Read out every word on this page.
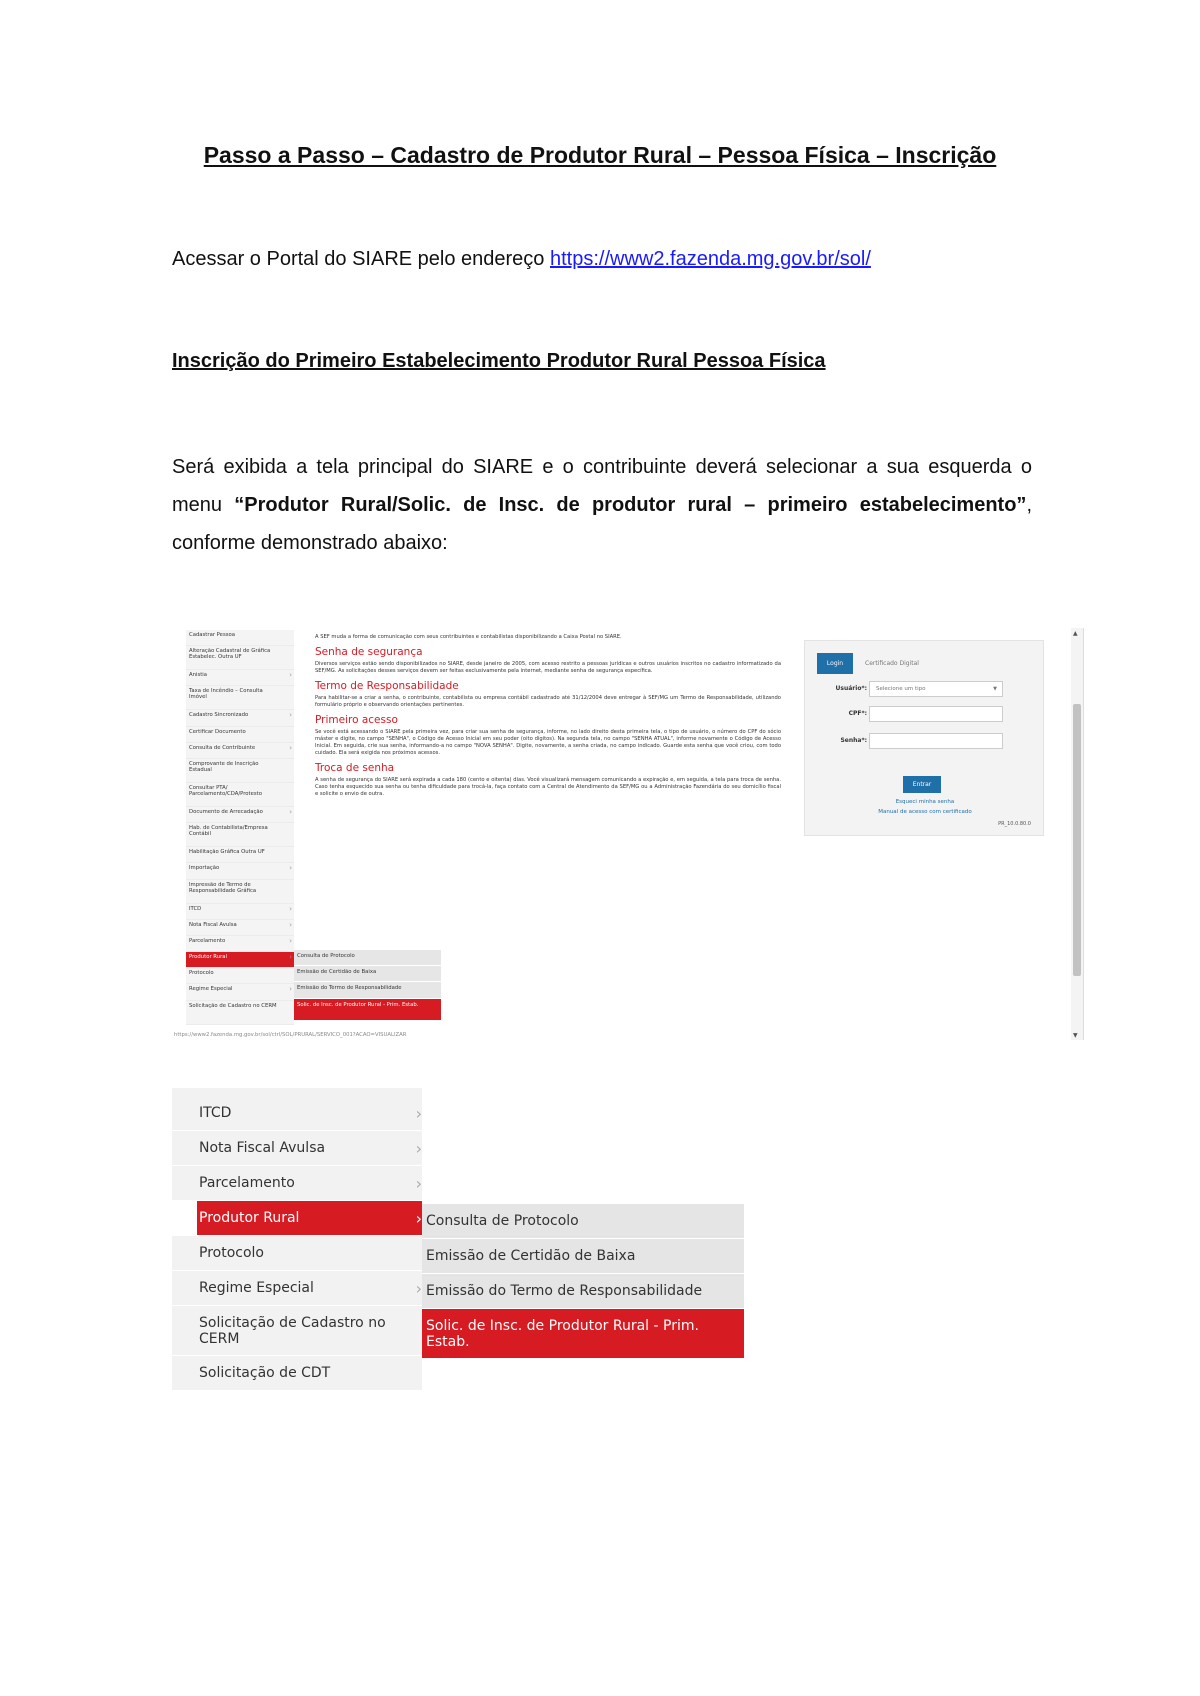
Passo a Passo – Cadastro de Produtor Rural – Pessoa Física – Inscrição
Acessar o Portal do SIARE pelo endereço https://www2.fazenda.mg.gov.br/sol/
Inscrição do Primeiro Estabelecimento Produtor Rural Pessoa Física
Será exibida a tela principal do SIARE e o contribuinte deverá selecionar a sua esquerda o menu “Produtor Rural/Solic. de Insc. de produtor rural – primeiro estabelecimento”, conforme demonstrado abaixo:
Cadastrar Pessoa
Alteração Cadastral de Gráfica Estabelec. Outra UF
Anistia ›
Taxa de Incêndio – Consulta Imóvel
Cadastro Sincronizado ›
Certificar Documento
Consulta de Contribuinte ›
Comprovante de Inscrição Estadual
Consultar PTA/ Parcelamento/CDA/Protesto
Documento de Arrecadação ›
Hab. de Contabilista/Empresa Contábil
Habilitação Gráfica Outra UF
Importação ›
Impressão de Termo de Responsabilidade Gráfica
ITCD ›
Nota Fiscal Avulsa ›
Parcelamento ›
Produtor Rural ›
Protocolo
Regime Especial ›
Solicitação de Cadastro no CERM
Consulta de Protocolo
Emissão de Certidão de Baixa
Emissão do Termo de Responsabilidade
Solic. de Insc. de Produtor Rural - Prim. Estab.
https://www2.fazenda.mg.gov.br/sol/ctrl/SOL/PRURAL/SERVICO_001?ACAO=VISUALIZAR

A SEF muda a forma de comunicação com seus contribuintes e contabilistas disponibilizando a Caixa Postal no SIARE.

Senha de segurança

Diversos serviços estão sendo disponibilizados no SIARE, desde janeiro de 2005, com acesso restrito a pessoas jurídicas e outros usuários inscritos no cadastro informatizado da SEF/MG. As solicitações desses serviços devem ser feitas exclusivamente pela internet, mediante senha de segurança específica.

Termo de Responsabilidade

Para habilitar-se a criar a senha, o contribuinte, contabilista ou empresa contábil cadastrado até 31/12/2004 deve entregar à SEF/MG um Termo de Responsabilidade, utilizando formulário próprio e observando orientações pertinentes.

Primeiro acesso

Se você está acessando o SIARE pela primeira vez, para criar sua senha de segurança, informe, no lado direito desta primeira tela, o tipo de usuário, o número do CPF do sócio máster e digite, no campo "SENHA", o Código de Acesso Inicial em seu poder (oito dígitos). Na segunda tela, no campo "SENHA ATUAL", informe novamente o Código de Acesso Inicial. Em seguida, crie sua senha, informando-a no campo "NOVA SENHA". Digite, novamente, a senha criada, no campo indicado. Guarde esta senha que você criou, com todo cuidado. Ela será exigida nos próximos acessos.

Troca de senha

A senha de segurança do SIARE será expirada a cada 180 (cento e oitenta) dias. Você visualizará mensagem comunicando a expiração e, em seguida, a tela para troca de senha. Caso tenha esquecido sua senha ou tenha dificuldade para trocá-la, faça contato com a Central de Atendimento da SEF/MG ou a Administração Fazendária do seu domicílio fiscal e solicite o envio de outra.

Login	Certificado Digital
Usuário*:	Selecione um tipo	▼
CPF*:
Senha*:
Entrar
Esqueci minha senha
Manual de acesso com certificado
PR_10.0.80.0
▲
▼
ITCD ›
Nota Fiscal Avulsa ›
Parcelamento ›
Produtor Rural ›
Protocolo
Regime Especial ›
Solicitação de Cadastro no CERM
Solicitação de CDT
Consulta de Protocolo
Emissão de Certidão de Baixa
Emissão do Termo de Responsabilidade
Solic. de Insc. de Produtor Rural - Prim. Estab.
